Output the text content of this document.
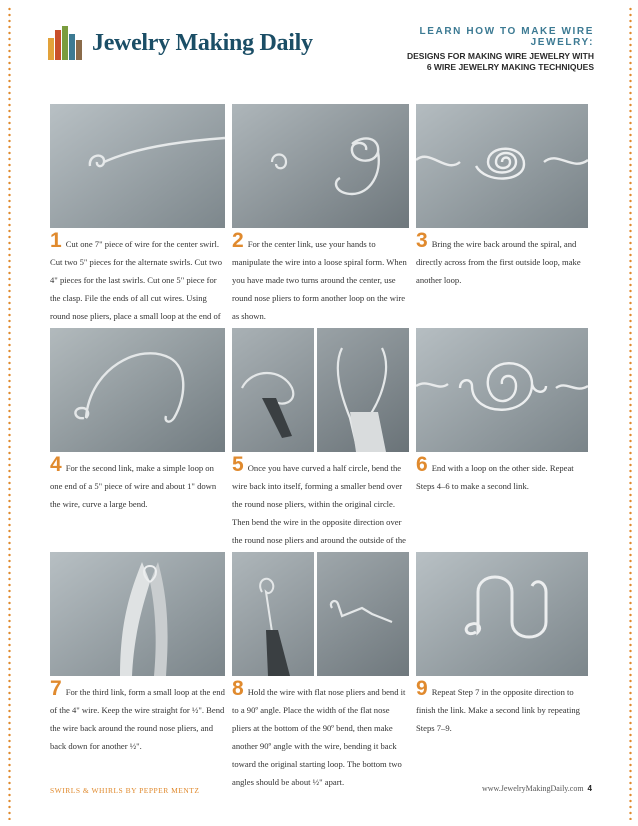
Jewelry Making Daily	LEARN HOW TO MAKE WIRE JEWELRY:
DESIGNS FOR MAKING WIRE JEWELRY WITH
6 WIRE JEWELRY MAKING TECHNIQUES
1 Cut one 7" piece of wire for the center swirl. Cut two 5" pieces for the alternate swirls. Cut two 4" pieces for the last swirls. Cut one 5" piece for the clasp. File the ends of all cut wires. Using round nose pliers, place a small loop at the end of
2 For the center link, use your hands to manipulate the wire into a loose spiral form. When you have made two turns around the center, use round nose pliers to form another loop on the wire as shown.
3 Bring the wire back around the spiral, and directly across from the first outside loop, make another loop.
4 For the second link, make a simple loop on one end of a 5" piece of wire and about 1" down the wire, curve a large bend.
5 Once you have curved a half circle, bend the wire back into itself, forming a smaller bend over the round nose pliers, within the original circle. Then bend the wire in the opposite direction over the round nose pliers and around the outside of the
6 End with a loop on the other side. Repeat Steps 4–6 to make a second link.
7 For the third link, form a small loop at the end of the 4" wire. Keep the wire straight for ½". Bend the wire back around the round nose pliers, and back down for another ½".
8 Hold the wire with flat nose pliers and bend it to a 90º angle. Place the width of the flat nose pliers at the bottom of the 90º bend, then make another 90º angle with the wire, bending it back toward the original starting loop. The bottom two angles should be about ½" apart.
9 Repeat Step 7 in the opposite direction to finish the link. Make a second link by repeating Steps 7–9.
SWIRLS & WHIRLS BY PEPPER MENTZ	www.JewelryMakingDaily.com 4
